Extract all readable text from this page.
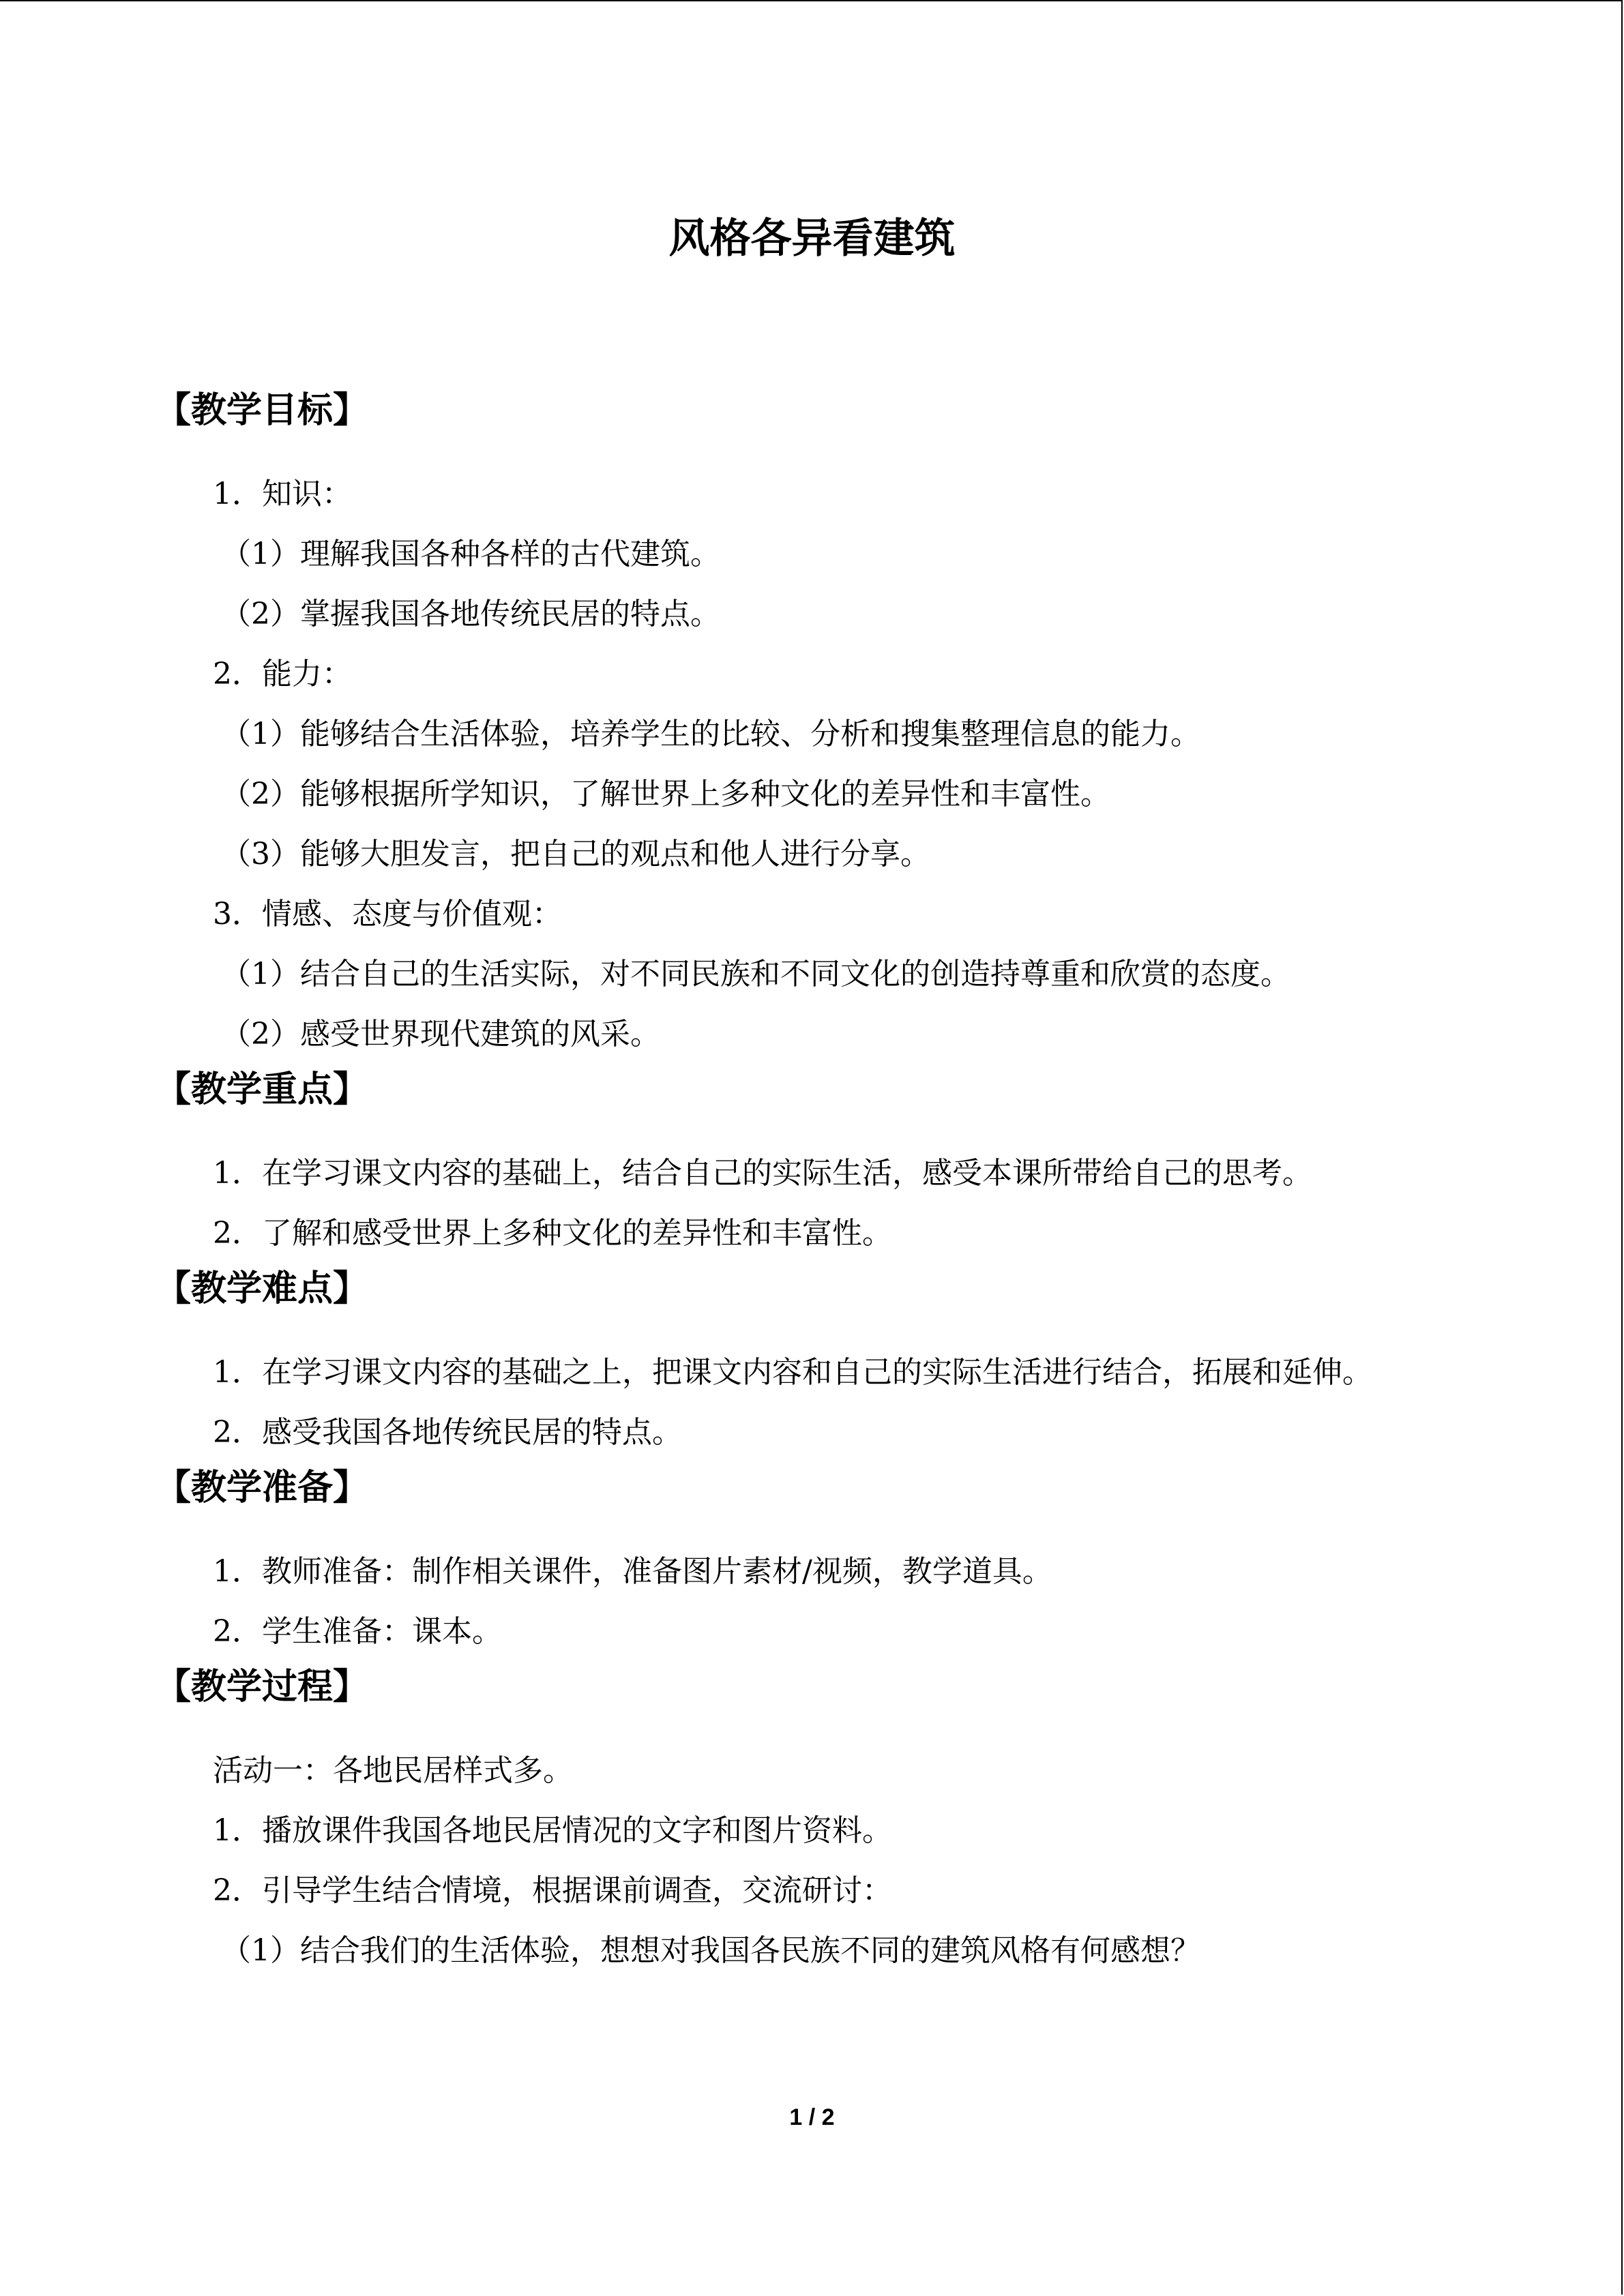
风格各异看建筑
【教学目标】
1．知识：
（1）理解我国各种各样的古代建筑。
（2）掌握我国各地传统民居的特点。
2．能力：
（1）能够结合生活体验，培养学生的比较、分析和搜集整理信息的能力。
（2）能够根据所学知识，了解世界上多种文化的差异性和丰富性。
（3）能够大胆发言，把自己的观点和他人进行分享。
3．情感、态度与价值观：
（1）结合自己的生活实际，对不同民族和不同文化的创造持尊重和欣赏的态度。
（2）感受世界现代建筑的风采。
【教学重点】
1．在学习课文内容的基础上，结合自己的实际生活，感受本课所带给自己的思考。
2．了解和感受世界上多种文化的差异性和丰富性。
【教学难点】
1．在学习课文内容的基础之上，把课文内容和自己的实际生活进行结合，拓展和延伸。
2．感受我国各地传统民居的特点。
【教学准备】
1．教师准备：制作相关课件，准备图片素材/视频，教学道具。
2．学生准备：课本。
【教学过程】
活动一：各地民居样式多。
1．播放课件我国各地民居情况的文字和图片资料。
2．引导学生结合情境，根据课前调查，交流研讨：
（1）结合我们的生活体验，想想对我国各民族不同的建筑风格有何感想？
1 / 2
